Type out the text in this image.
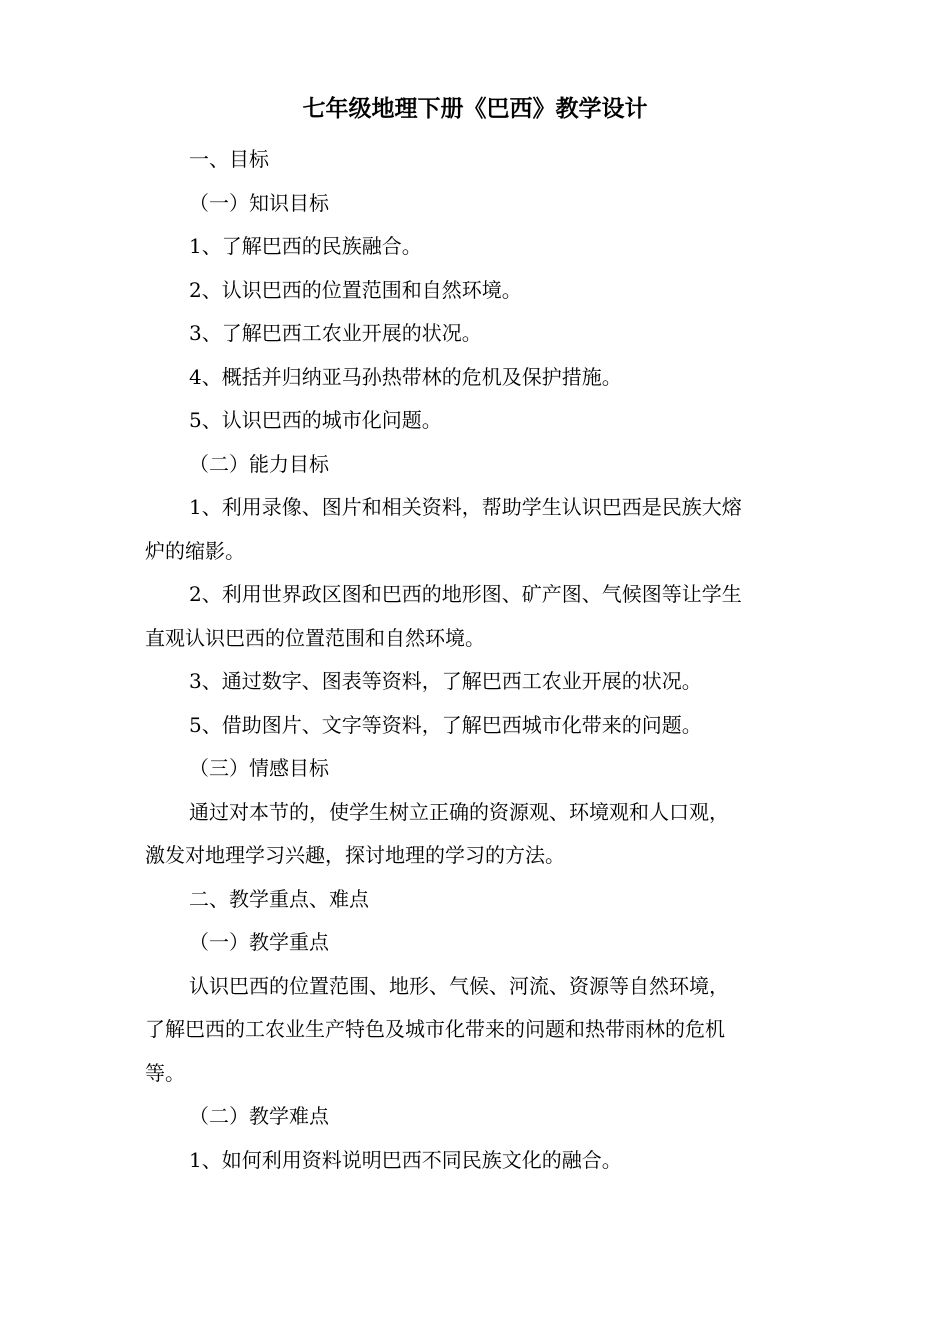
七年级地理下册《巴西》教学设计

一、目标

（一）知识目标

1、了解巴西的民族融合。

2、认识巴西的位置范围和自然环境。

3、了解巴西工农业开展的状况。

4、概括并归纳亚马孙热带林的危机及保护措施。

5、认识巴西的城市化问题。

（二）能力目标

1、利用录像、图片和相关资料，帮助学生认识巴西是民族大熔

炉的缩影。

2、利用世界政区图和巴西的地形图、矿产图、气候图等让学生

直观认识巴西的位置范围和自然环境。

3、通过数字、图表等资料，了解巴西工农业开展的状况。

5、借助图片、文字等资料，了解巴西城市化带来的问题。

（三）情感目标

通过对本节的，使学生树立正确的资源观、环境观和人口观，

激发对地理学习兴趣，探讨地理的学习的方法。

二、教学重点、难点

（一）教学重点

认识巴西的位置范围、地形、气候、河流、资源等自然环境，

了解巴西的工农业生产特色及城市化带来的问题和热带雨林的危机

等。

（二）教学难点

1、如何利用资料说明巴西不同民族文化的融合。
